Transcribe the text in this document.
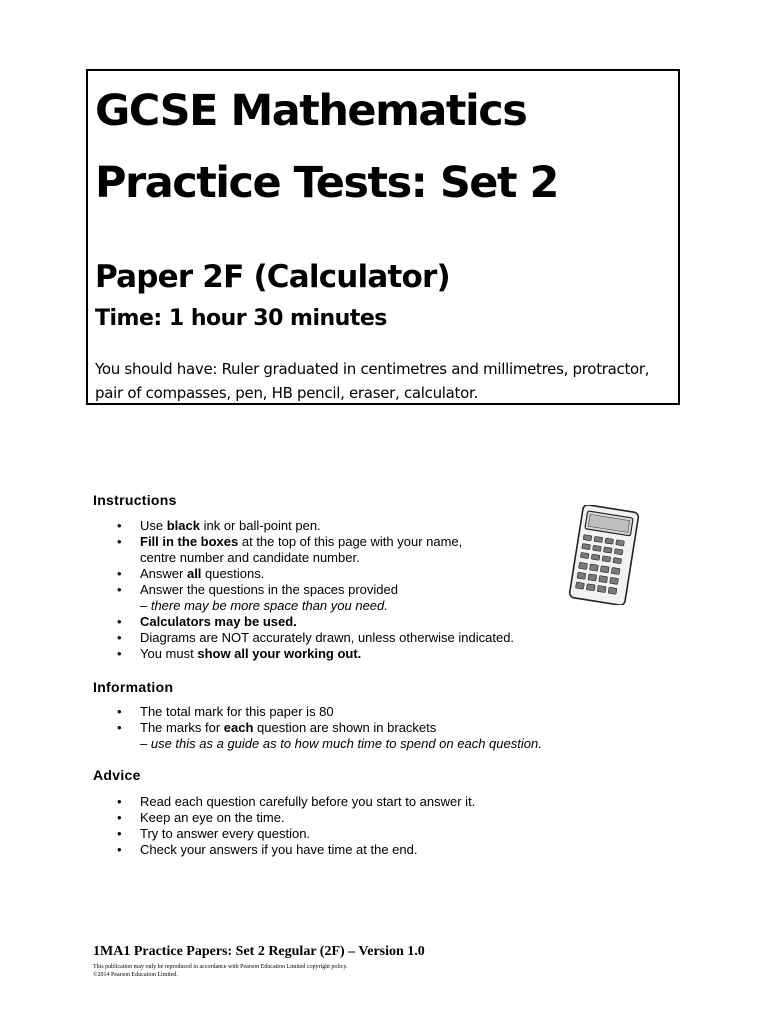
GCSE Mathematics
Practice Tests: Set 2
Paper 2F (Calculator)
Time: 1 hour 30 minutes
You should have: Ruler graduated in centimetres and millimetres, protractor, pair of compasses, pen, HB pencil, eraser, calculator.
Instructions
• Use black ink or ball-point pen.
• Fill in the boxes at the top of this page with your name,
centre number and candidate number.
• Answer all questions.
• Answer the questions in the spaces provided
– there may be more space than you need.
• Calculators may be used.
• Diagrams are NOT accurately drawn, unless otherwise indicated.
• You must show all your working out.
Information
• The total mark for this paper is 80
• The marks for each question are shown in brackets
– use this as a guide as to how much time to spend on each question.
Advice
• Read each question carefully before you start to answer it.
• Keep an eye on the time.
• Try to answer every question.
• Check your answers if you have time at the end.
1MA1 Practice Papers: Set 2 Regular (2F) – Version 1.0
This publication may only be reproduced in accordance with Pearson Education Limited copyright policy.
©2014 Pearson Education Limited.
